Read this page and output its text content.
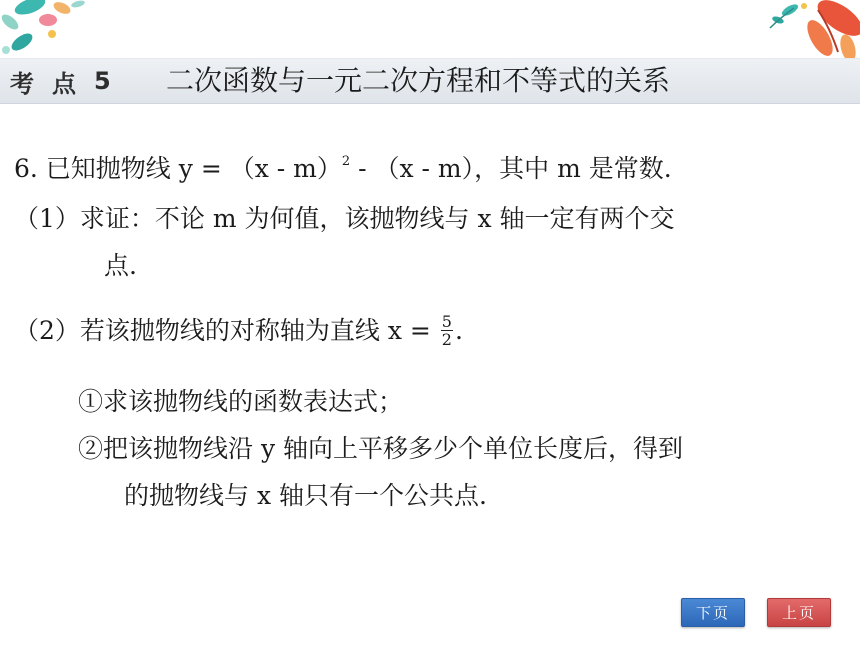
考 点 5 二次函数与一元二次方程和不等式的关系
6. 已知抛物线 y = （x - m）$^2$ - （x - m），其中 m 是常数.
（1）求证：不论 m 为何值，该抛物线与 x 轴一定有两个交
点.
（2）若该抛物线的对称轴为直线 $x = \frac{5}{2}$ .
①求该抛物线的函数表达式；
②把该抛物线沿 y 轴向上平移多少个单位长度后，得到
的抛物线与 x 轴只有一个公共点.
下页	上页
